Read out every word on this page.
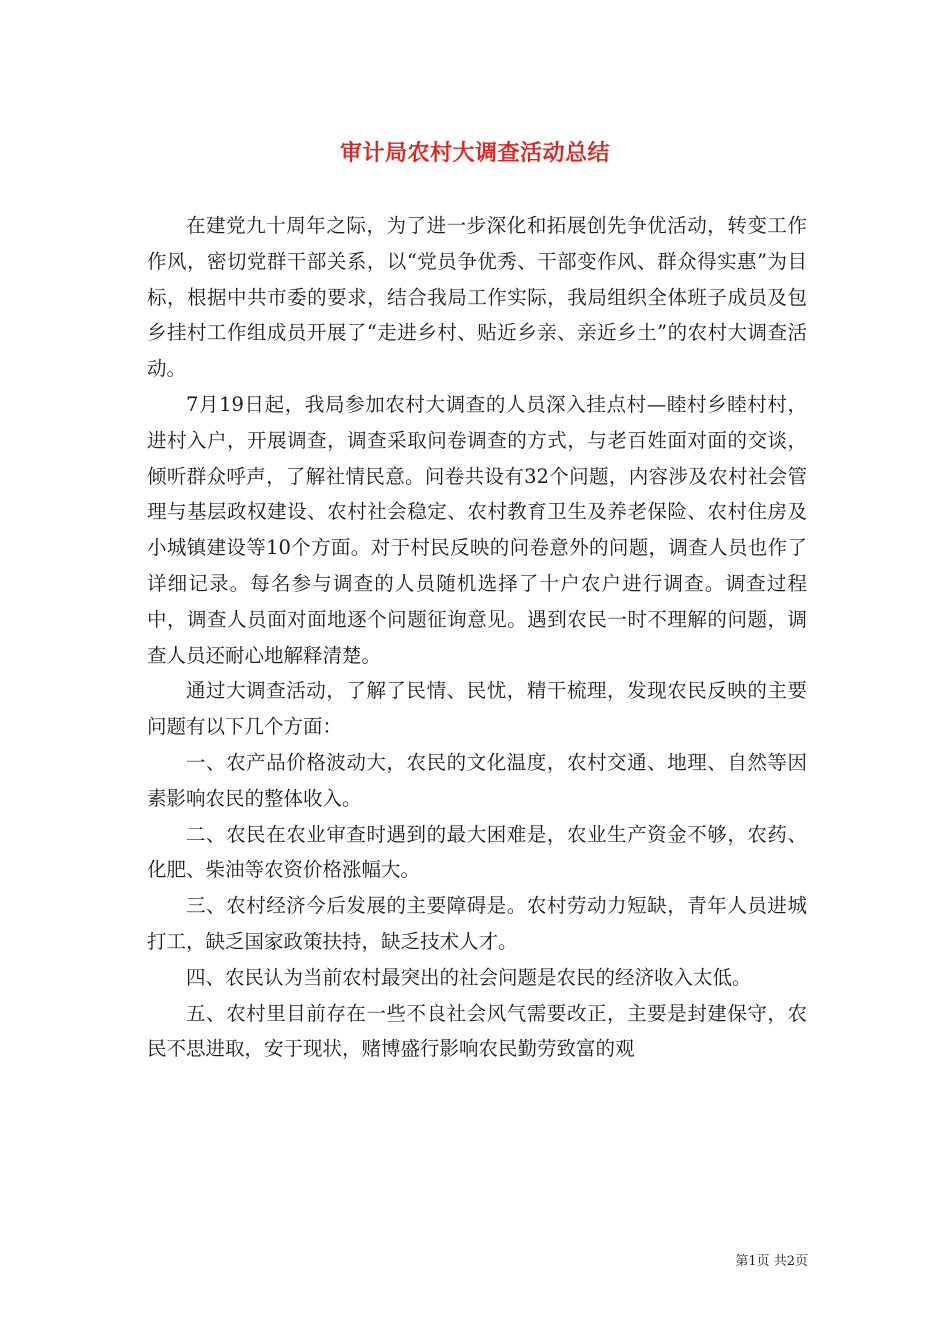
审计局农村大调查活动总结

在建党九十周年之际，为了进一步深化和拓展创先争优活动，转变工作作风，密切党群干部关系，以“党员争优秀、干部变作风、群众得实惠”为目标，根据中共市委的要求，结合我局工作实际，我局组织全体班子成员及包乡挂村工作组成员开展了“走进乡村、贴近乡亲、亲近乡土”的农村大调查活动。

7月19日起，我局参加农村大调查的人员深入挂点村—睦村乡睦村村，进村入户，开展调查，调查采取问卷调查的方式，与老百姓面对面的交谈，倾听群众呼声，了解社情民意。问卷共设有32个问题，内容涉及农村社会管理与基层政权建设、农村社会稳定、农村教育卫生及养老保险、农村住房及小城镇建设等10个方面。对于村民反映的问卷意外的问题，调查人员也作了详细记录。每名参与调查的人员随机选择了十户农户进行调查。调查过程中，调查人员面对面地逐个问题征询意见。遇到农民一时不理解的问题，调查人员还耐心地解释清楚。

通过大调查活动，了解了民情、民忧，精干梳理，发现农民反映的主要问题有以下几个方面：

一、农产品价格波动大，农民的文化温度，农村交通、地理、自然等因素影响农民的整体收入。

二、农民在农业审查时遇到的最大困难是，农业生产资金不够，农药、化肥、柴油等农资价格涨幅大。

三、农村经济今后发展的主要障碍是。农村劳动力短缺，青年人员进城打工，缺乏国家政策扶持，缺乏技术人才。

四、农民认为当前农村最突出的社会问题是农民的经济收入太低。

五、农村里目前存在一些不良社会风气需要改正，主要是封建保守，农民不思进取，安于现状，赌博盛行影响农民勤劳致富的观

第1页 共2页
